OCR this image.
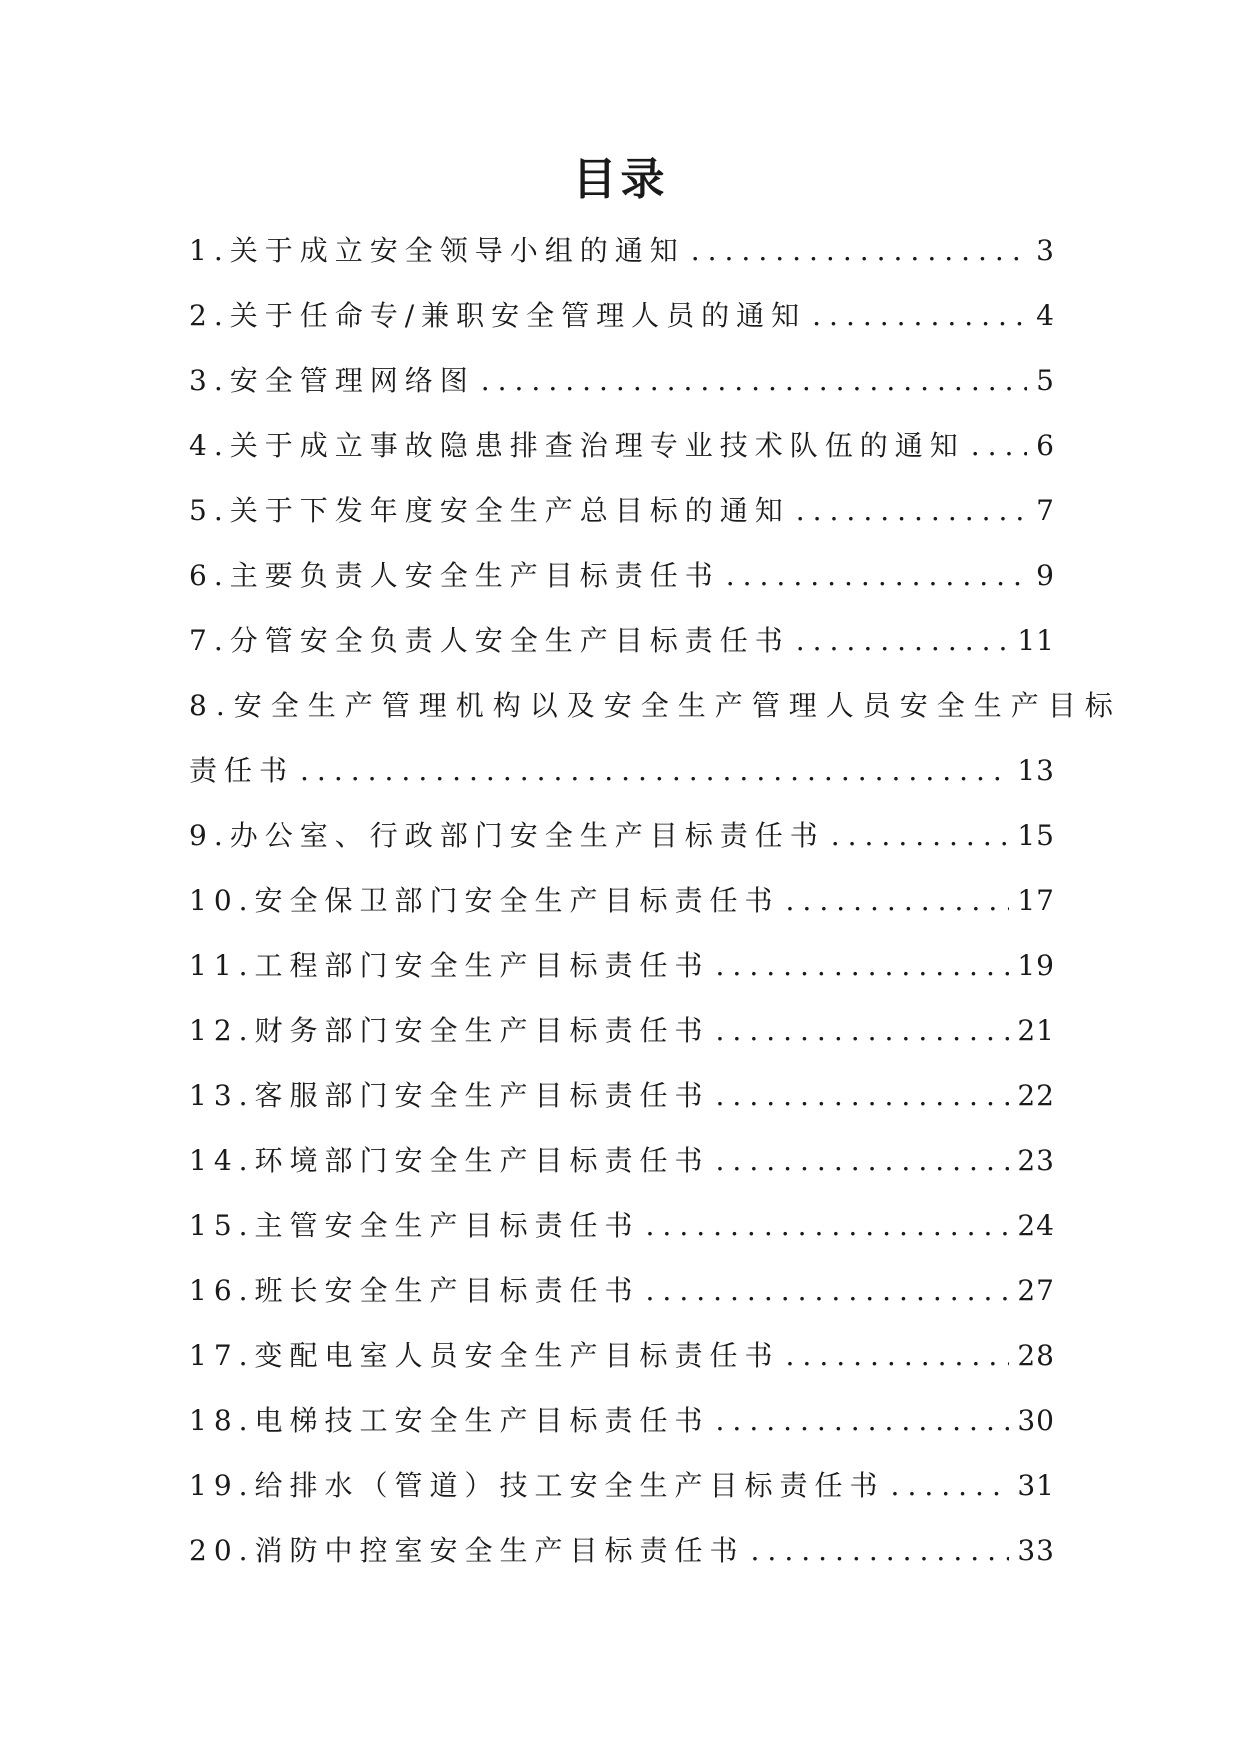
目录
1.关于成立安全领导小组的通知 .....	3
2.关于任命专/兼职安全管理人员的通知 .....	4
3.安全管理网络图 .....	5
4.关于成立事故隐患排查治理专业技术队伍的通知 .....	6
5.关于下发年度安全生产总目标的通知 .....	7
6.主要负责人安全生产目标责任书 .....	9
7.分管安全负责人安全生产目标责任书 .....	11
8.安全生产管理机构以及安全生产管理人员安全生产目标
责任书 .....	13
9.办公室、行政部门安全生产目标责任书 .....	15
10.安全保卫部门安全生产目标责任书 .....	17
11.工程部门安全生产目标责任书 .....	19
12.财务部门安全生产目标责任书 .....	21
13.客服部门安全生产目标责任书 .....	22
14.环境部门安全生产目标责任书 .....	23
15.主管安全生产目标责任书 .....	24
16.班长安全生产目标责任书 .....	27
17.变配电室人员安全生产目标责任书 .....	28
18.电梯技工安全生产目标责任书 .....	30
19.给排水（管道）技工安全生产目标责任书 .....	31
20.消防中控室安全生产目标责任书 .....	33
